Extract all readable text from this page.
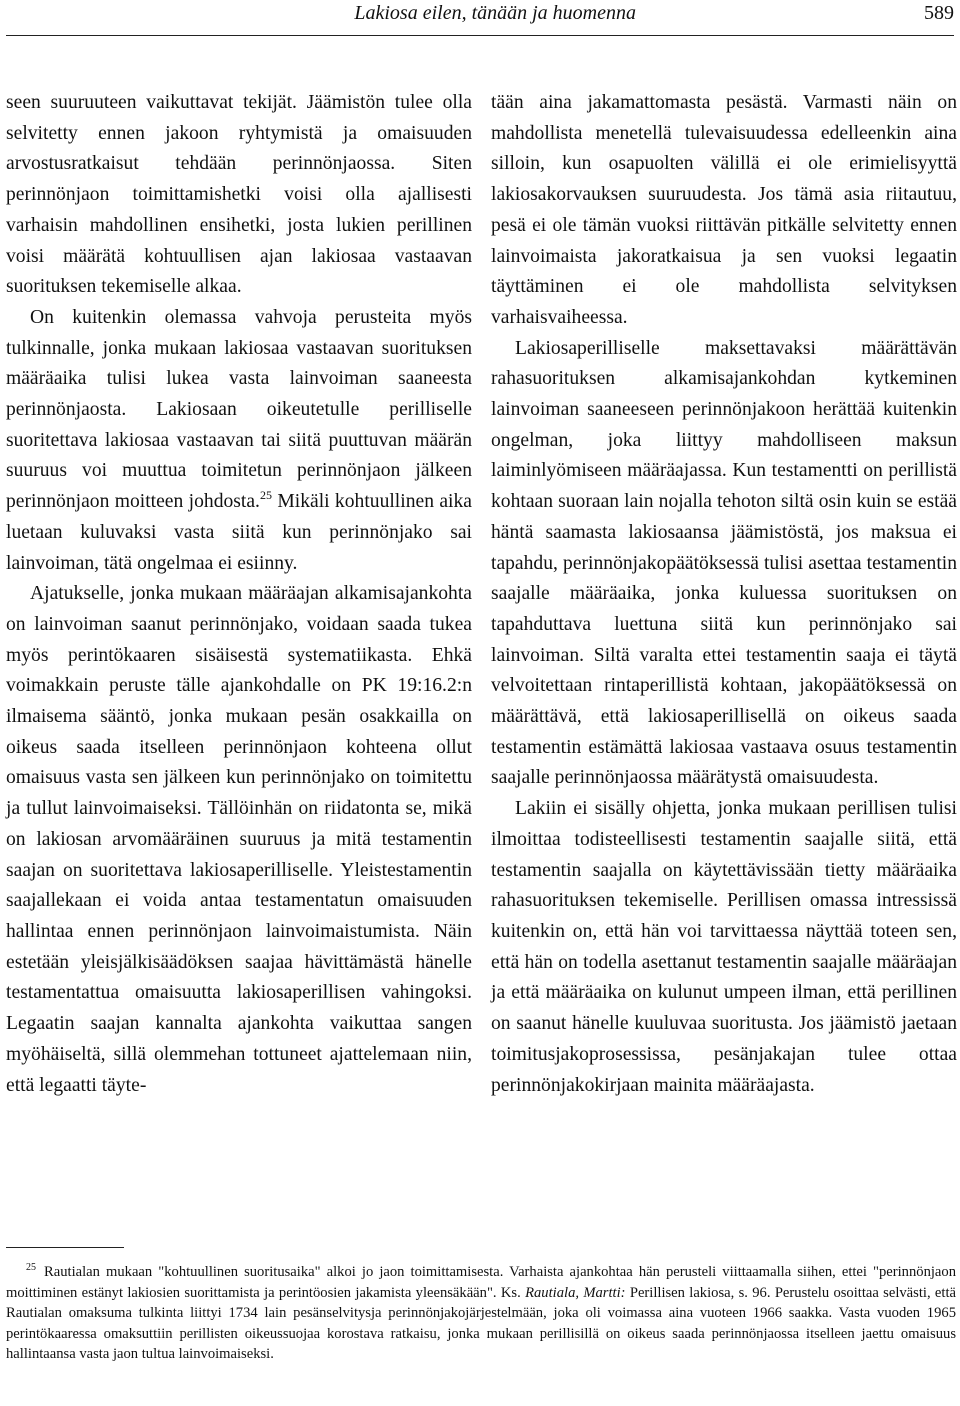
Lakiosa eilen, tänään ja huomenna	589

seen suuruuteen vaikuttavat tekijät. Jäämistön tulee olla selvitetty ennen jakoon ryhtymistä ja omaisuuden arvostusratkaisut tehdään perinnönjaossa. Siten perinnönjaon toimittamishetki voisi olla ajallisesti varhaisin mahdollinen ensihetki, josta lukien perillinen voisi määrätä kohtuullisen ajan lakiosaa vastaavan suorituksen tekemiselle alkaa.

On kuitenkin olemassa vahvoja perusteita myös tulkinnalle, jonka mukaan lakiosaa vastaavan suorituksen määräaika tulisi lukea vasta lainvoiman saaneesta perinnönjaosta. Lakiosaan oikeutetulle perilliselle suoritettava lakiosaa vastaavan tai siitä puuttuvan määrän suuruus voi muuttua toimitetun perinnönjaon jälkeen perinnönjaon moitteen johdosta.$^{25}$ Mikäli kohtuullinen aika luetaan kuluvaksi vasta siitä kun perinnönjako sai lainvoiman, tätä ongelmaa ei esiinny.

Ajatukselle, jonka mukaan määräajan alkamisajankohta on lainvoiman saanut perinnönjako, voidaan saada tukea myös perintökaaren sisäisestä systematiikasta. Ehkä voimakkain peruste tälle ajankohdalle on PK 19:16.2:n ilmaisema sääntö, jonka mukaan pesän osakkailla on oikeus saada itselleen perinnönjaon kohteena ollut omaisuus vasta sen jälkeen kun perinnönjako on toimitettu ja tullut lainvoimaiseksi. Tällöinhän on riidatonta se, mikä on lakiosan arvomääräinen suuruus ja mitä testamentin saajan on suoritettava lakiosaperilliselle. Yleistestamentin saajallekaan ei voida antaa testamentatun omaisuuden hallintaa ennen perinnönjaon lainvoimaistumista. Näin estetään yleisjälkisäädöksen saajaa hävittämästä hänelle testamentattua omaisuutta lakiosaperillisen vahingoksi. Legaatin saajan kannalta ajankohta vaikuttaa sangen myöhäiseltä, sillä olemmehan tottuneet ajattelemaan niin, että legaatti täyte-

tään aina jakamattomasta pesästä. Varmasti näin on mahdollista menetellä tulevaisuudessa edelleenkin aina silloin, kun osapuolten välillä ei ole erimielisyyttä lakiosakorvauksen suuruudesta. Jos tämä asia riitautuu, pesä ei ole tämän vuoksi riittävän pitkälle selvitetty ennen lainvoimaista jakoratkaisua ja sen vuoksi legaatin täyttäminen ei ole mahdollista selvityksen varhaisvaiheessa.

Lakiosaperilliselle maksettavaksi määrättävän rahasuorituksen alkamisajankohdan kytkeminen lainvoiman saaneeseen perinnönjakoon herättää kuitenkin ongelman, joka liittyy mahdolliseen maksun laiminlyömiseen määräajassa. Kun testamentti on perillistä kohtaan suoraan lain nojalla tehoton siltä osin kuin se estää häntä saamasta lakiosaansa jäämistöstä, jos maksua ei tapahdu, perinnönjakopäätöksessä tulisi asettaa testamentin saajalle määräaika, jonka kuluessa suorituksen on tapahduttava luettuna siitä kun perinnönjako sai lainvoiman. Siltä varalta ettei testamentin saaja ei täytä velvoitettaan rintaperillistä kohtaan, jakopäätöksessä on määrättävä, että lakiosaperillisellä on oikeus saada testamentin estämättä lakiosaa vastaava osuus testamentin saajalle perinnönjaossa määrätystä omaisuudesta.

Lakiin ei sisälly ohjetta, jonka mukaan perillisen tulisi ilmoittaa todisteellisesti testamentin saajalle siitä, että testamentin saajalla on käytettävissään tietty määräaika rahasuorituksen tekemiselle. Perillisen omassa intressissä kuitenkin on, että hän voi tarvittaessa näyttää toteen sen, että hän on todella asettanut testamentin saajalle määräajan ja että määräaika on kulunut umpeen ilman, että perillinen on saanut hänelle kuuluvaa suoritusta. Jos jäämistö jaetaan toimitusjakoprosessissa, pesänjakajan tulee ottaa perinnönjakokirjaan mainita määräajasta.

$^{25}$ Rautialan mukaan "kohtuullinen suoritusaika" alkoi jo jaon toimittamisesta. Varhaista ajankohtaa hän perusteli viittaamalla siihen, ettei "perinnönjaon moittiminen estänyt lakiosien suorittamista ja perintöosien jakamista yleensäkään". Ks. Rautiala, Martti: Perillisen lakiosa, s. 96. Perustelu osoittaa selvästi, että Rautialan omaksuma tulkinta liittyi 1734 lain pesänselvitysja perinnönjakojärjestelmään, joka oli voimassa aina vuoteen 1966 saakka. Vasta vuoden 1965 perintökaaressa omaksuttiin perillisten oikeussuojaa korostava ratkaisu, jonka mukaan perillisillä on oikeus saada perinnönjaossa itselleen jaettu omaisuus hallintaansa vasta jaon tultua lainvoimaiseksi.
